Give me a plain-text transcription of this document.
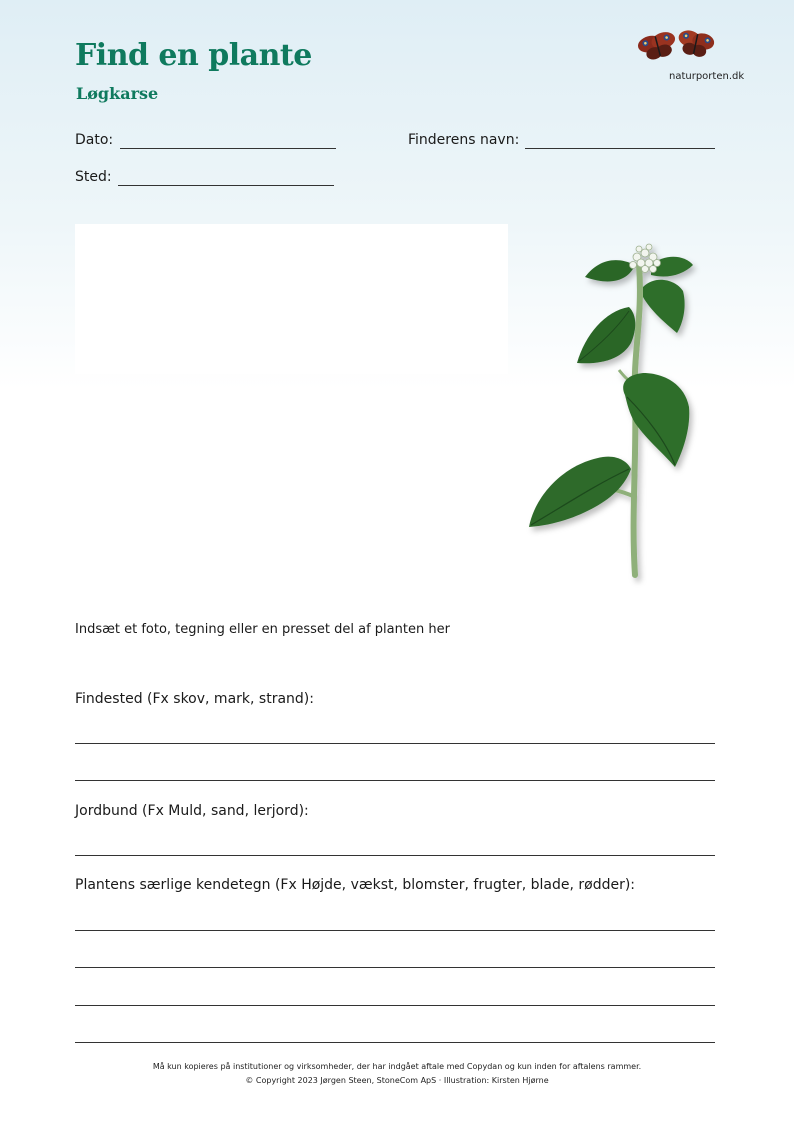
Find en plante
Løgkarse
naturporten.dk
Dato:	Finderens navn:
Sted:
Indsæt et foto, tegning eller en presset del af planten her
Findested (Fx skov, mark, strand):
Jordbund (Fx Muld, sand, lerjord):
Plantens særlige kendetegn (Fx Højde, vækst, blomster, frugter, blade, rødder):
Må kun kopieres på institutioner og virksomheder, der har indgået aftale med Copydan og kun inden for aftalens rammer.
© Copyright 2023 Jørgen Steen, StoneCom ApS · Illustration: Kirsten Hjørne
